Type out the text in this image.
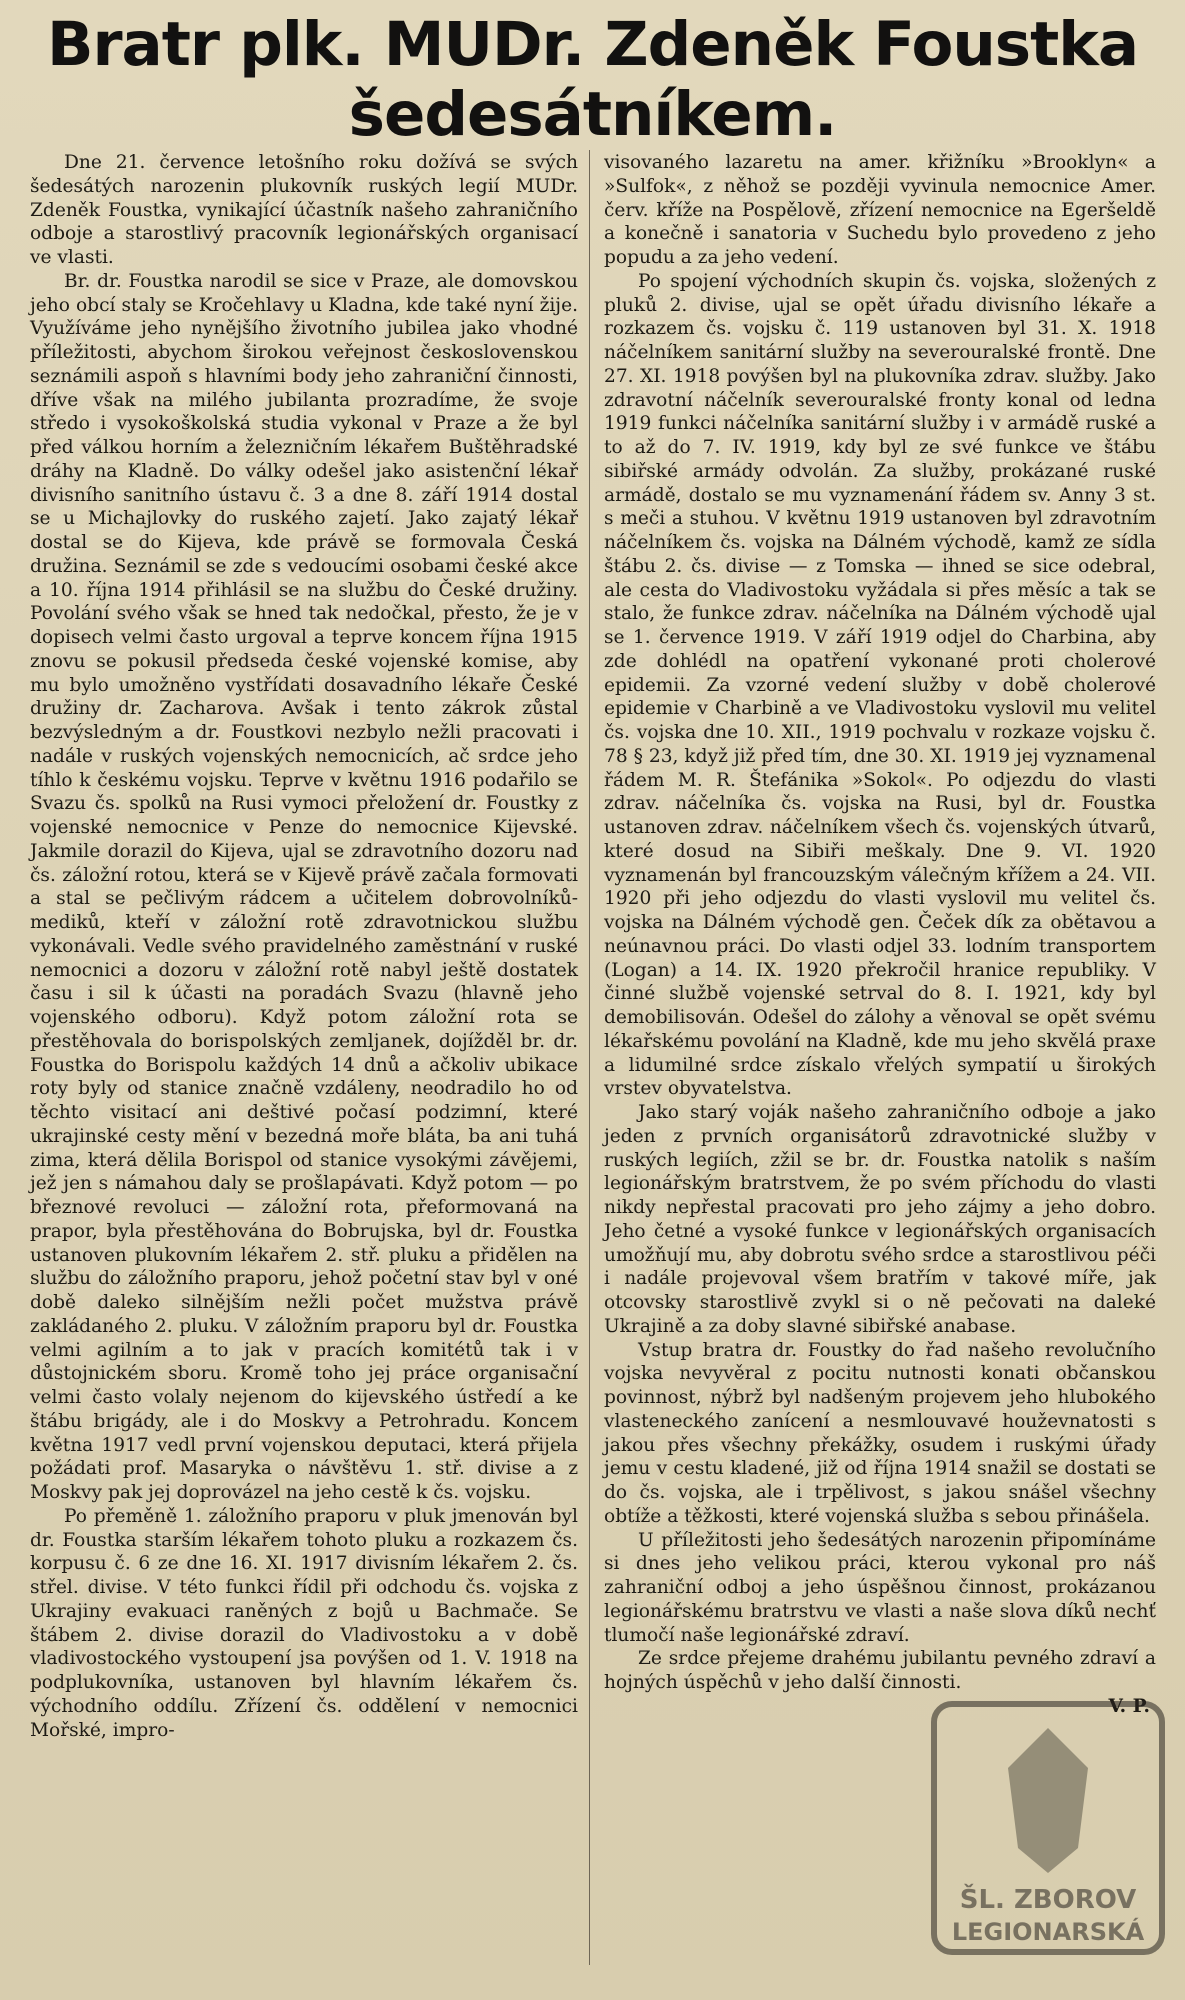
Bratr plk. MUDr. Zdeněk Foustka
šedesátníkem.

Dne 21. července letošního roku dožívá se svých šedesátých narozenin plukovník ruských legií MUDr. Zdeněk Foustka, vynikající účastník našeho zahraničního odboje a starostlivý pracovník legionářských organisací ve vlasti.

Br. dr. Foustka narodil se sice v Praze, ale domovskou jeho obcí staly se Kročehlavy u Kladna, kde také nyní žije. Využíváme jeho nynějšího životního jubilea jako vhodné příležitosti, abychom širokou veřejnost československou seznámili aspoň s hlavními body jeho zahraniční činnosti, dříve však na milého jubilanta prozradíme, že svoje středo i vysokoškolská studia vykonal v Praze a že byl před válkou horním a železničním lékařem Buštěhradské dráhy na Kladně. Do války odešel jako asistenční lékař divisního sanitního ústavu č. 3 a dne 8. září 1914 dostal se u Michajlovky do ruského zajetí. Jako zajatý lékař dostal se do Kijeva, kde právě se formovala Česká družina. Seznámil se zde s vedoucími osobami české akce a 10. října 1914 přihlásil se na službu do České družiny. Povolání svého však se hned tak nedočkal, přesto, že je v dopisech velmi často urgoval a teprve koncem října 1915 znovu se pokusil předseda české vojenské komise, aby mu bylo umožněno vystřídati dosavadního lékaře České družiny dr. Zacharova. Avšak i tento zákrok zůstal bezvýsledným a dr. Foustkovi nezbylo nežli pracovati i nadále v ruských vojenských nemocnicích, ač srdce jeho tíhlo k českému vojsku. Teprve v květnu 1916 podařilo se Svazu čs. spolků na Rusi vymoci přeložení dr. Foustky z vojenské nemocnice v Penze do nemocnice Kijevské. Jakmile dorazil do Kijeva, ujal se zdravotního dozoru nad čs. záložní rotou, která se v Kijevě právě začala formovati a stal se pečlivým rádcem a učitelem dobrovolníků-mediků, kteří v záložní rotě zdravotnickou službu vykonávali. Vedle svého pravidelného zaměstnání v ruské nemocnici a dozoru v záložní rotě nabyl ještě dostatek času i sil k účasti na poradách Svazu (hlavně jeho vojenského odboru). Když potom záložní rota se přestěhovala do borispolských zemljanek, dojížděl br. dr. Foustka do Borispolu každých 14 dnů a ačkoliv ubikace roty byly od stanice značně vzdáleny, neodradilo ho od těchto visitací ani deštivé počasí podzimní, které ukrajinské cesty mění v bezedná moře bláta, ba ani tuhá zima, která dělila Borispol od stanice vysokými závějemi, jež jen s námahou daly se prošlapávati. Když potom — po březnové revoluci — záložní rota, přeformovaná na prapor, byla přestěhována do Bobrujska, byl dr. Foustka ustanoven plukovním lékařem 2. stř. pluku a přidělen na službu do záložního praporu, jehož početní stav byl v oné době daleko silnějším nežli počet mužstva právě zakládaného 2. pluku. V záložním praporu byl dr. Foustka velmi agilním a to jak v pracích komitétů tak i v důstojnickém sboru. Kromě toho jej práce organisační velmi často volaly nejenom do kijevského ústředí a ke štábu brigády, ale i do Moskvy a Petrohradu. Koncem května 1917 vedl první vojenskou deputaci, která přijela požádati prof. Masaryka o návštěvu 1. stř. divise a z Moskvy pak jej doprovázel na jeho cestě k čs. vojsku.

Po přeměně 1. záložního praporu v pluk jmenován byl dr. Foustka starším lékařem tohoto pluku a rozkazem čs. korpusu č. 6 ze dne 16. XI. 1917 divisním lékařem 2. čs. střel. divise. V této funkci řídil při odchodu čs. vojska z Ukrajiny evakuaci raněných z bojů u Bachmače. Se štábem 2. divise dorazil do Vladivostoku a v době vladivostockého vystoupení jsa povýšen od 1. V. 1918 na podplukovníka, ustanoven byl hlavním lékařem čs. východního oddílu. Zřízení čs. oddělení v nemocnici Mořské, impro-

visovaného lazaretu na amer. křižníku »Brooklyn« a »Sulfok«, z něhož se později vyvinula nemocnice Amer. červ. kříže na Pospělově, zřízení nemocnice na Egeršeldě a konečně i sanatoria v Suchedu bylo provedeno z jeho popudu a za jeho vedení.

Po spojení východních skupin čs. vojska, složených z pluků 2. divise, ujal se opět úřadu divisního lékaře a rozkazem čs. vojsku č. 119 ustanoven byl 31. X. 1918 náčelníkem sanitární služby na severouralské frontě. Dne 27. XI. 1918 povýšen byl na plukovníka zdrav. služby. Jako zdravotní náčelník severouralské fronty konal od ledna 1919 funkci náčelníka sanitární služby i v armádě ruské a to až do 7. IV. 1919, kdy byl ze své funkce ve štábu sibiřské armády odvolán. Za služby, prokázané ruské armádě, dostalo se mu vyznamenání řádem sv. Anny 3 st. s meči a stuhou. V květnu 1919 ustanoven byl zdravotním náčelníkem čs. vojska na Dálném východě, kamž ze sídla štábu 2. čs. divise — z Tomska — ihned se sice odebral, ale cesta do Vladivostoku vyžádala si přes měsíc a tak se stalo, že funkce zdrav. náčelníka na Dálném východě ujal se 1. července 1919. V září 1919 odjel do Charbina, aby zde dohlédl na opatření vykonané proti cholerové epidemii. Za vzorné vedení služby v době cholerové epidemie v Charbině a ve Vladivostoku vyslovil mu velitel čs. vojska dne 10. XII., 1919 pochvalu v rozkaze vojsku č. 78 § 23, když již před tím, dne 30. XI. 1919 jej vyznamenal řádem M. R. Štefánika »Sokol«. Po odjezdu do vlasti zdrav. náčelníka čs. vojska na Rusi, byl dr. Foustka ustanoven zdrav. náčelníkem všech čs. vojenských útvarů, které dosud na Sibiři meškaly. Dne 9. VI. 1920 vyznamenán byl francouzským válečným křížem a 24. VII. 1920 při jeho odjezdu do vlasti vyslovil mu velitel čs. vojska na Dálném východě gen. Čeček dík za obětavou a neúnavnou práci. Do vlasti odjel 33. lodním transportem (Logan) a 14. IX. 1920 překročil hranice republiky. V činné službě vojenské setrval do 8. I. 1921, kdy byl demobilisován. Odešel do zálohy a věnoval se opět svému lékařskému povolání na Kladně, kde mu jeho skvělá praxe a lidumilné srdce získalo vřelých sympatií u širokých vrstev obyvatelstva.

Jako starý voják našeho zahraničního odboje a jako jeden z prvních organisátorů zdravotnické služby v ruských legiích, zžil se br. dr. Foustka natolik s naším legionářským bratrstvem, že po svém příchodu do vlasti nikdy nepřestal pracovati pro jeho zájmy a jeho dobro. Jeho četné a vysoké funkce v legionářských organisacích umožňují mu, aby dobrotu svého srdce a starostlivou péči i nadále projevoval všem bratřím v takové míře, jak otcovsky starostlivě zvykl si o ně pečovati na daleké Ukrajině a za doby slavné sibiřské anabase.

Vstup bratra dr. Foustky do řad našeho revolučního vojska nevyvěral z pocitu nutnosti konati občanskou povinnost, nýbrž byl nadšeným projevem jeho hlubokého vlasteneckého zanícení a nesmlouvavé houževnatosti s jakou přes všechny překážky, osudem i ruskými úřady jemu v cestu kladené, již od října 1914 snažil se dostati se do čs. vojska, ale i trpělivost, s jakou snášel všechny obtíže a těžkosti, které vojenská služba s sebou přinášela.

U příležitosti jeho šedesátých narozenin připomínáme si dnes jeho velikou práci, kterou vykonal pro náš zahraniční odboj a jeho úspěšnou činnost, prokázanou legionářskému bratrstvu ve vlasti a naše slova díků nechť tlumočí naše legionářské zdraví.

Ze srdce přejeme drahému jubilantu pevného zdraví a hojných úspěchů v jeho další činnosti.

V. P.
ŠL. ZBOROV
LEGIONARSKÁ
